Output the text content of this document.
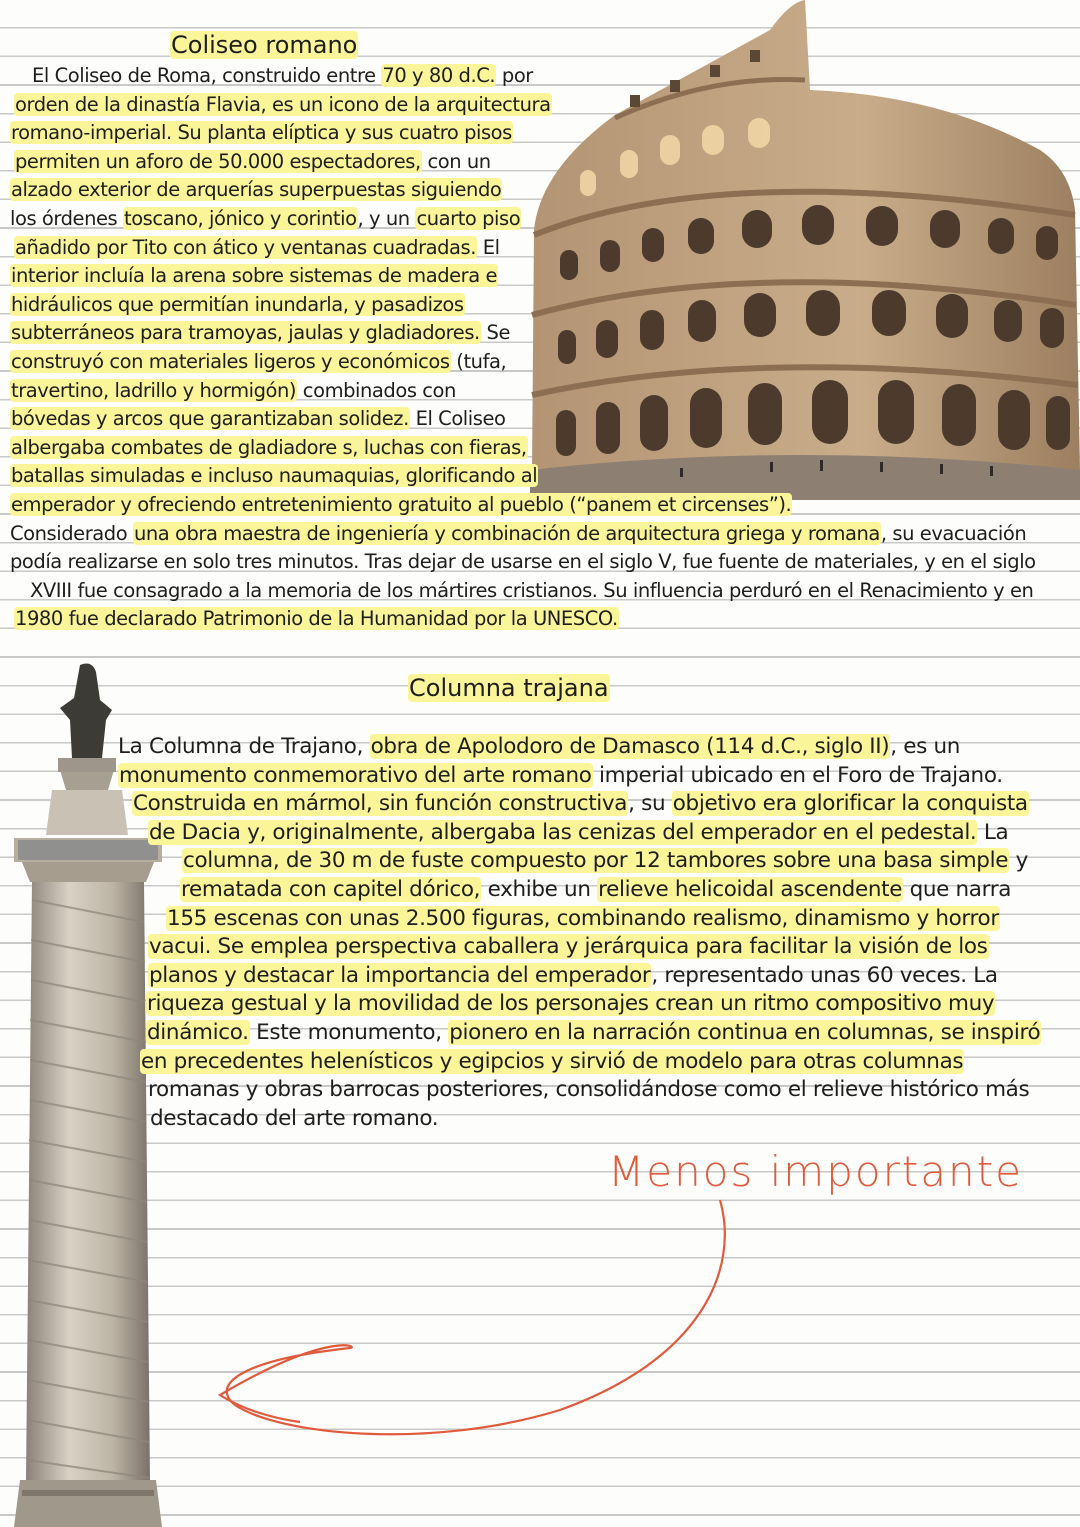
Coliseo romano
El Coliseo de Roma, construido entre 70 y 80 d.C. por
orden de la dinastía Flavia, es un icono de la arquitectura
romano-imperial. Su planta elíptica y sus cuatro pisos
permiten un aforo de 50.000 espectadores, con un
alzado exterior de arquerías superpuestas siguiendo
los órdenes toscano, jónico y corintio, y un cuarto piso
añadido por Tito con ático y ventanas cuadradas. El
interior incluía la arena sobre sistemas de madera e
hidráulicos que permitían inundarla, y pasadizos
subterráneos para tramoyas, jaulas y gladiadores. Se
construyó con materiales ligeros y económicos (tufa,
travertino, ladrillo y hormigón) combinados con
bóvedas y arcos que garantizaban solidez. El Coliseo
albergaba combates de gladiadore s, luchas con fieras,
batallas simuladas e incluso naumaquias, glorificando al
emperador y ofreciendo entretenimiento gratuito al pueblo (“panem et circenses”).
Considerado una obra maestra de ingeniería y combinación de arquitectura griega y romana, su evacuación
podía realizarse en solo tres minutos. Tras dejar de usarse en el siglo V, fue fuente de materiales, y en el siglo
XVIII fue consagrado a la memoria de los mártires cristianos. Su influencia perduró en el Renacimiento y en
1980 fue declarado Patrimonio de la Humanidad por la UNESCO.
Columna trajana
La Columna de Trajano, obra de Apolodoro de Damasco (114 d.C., siglo II), es un
monumento conmemorativo del arte romano imperial ubicado en el Foro de Trajano.
Construida en mármol, sin función constructiva, su objetivo era glorificar la conquista
de Dacia y, originalmente, albergaba las cenizas del emperador en el pedestal. La
columna, de 30 m de fuste compuesto por 12 tambores sobre una basa simple y
rematada con capitel dórico, exhibe un relieve helicoidal ascendente que narra
155 escenas con unas 2.500 figuras, combinando realismo, dinamismo y horror
vacui. Se emplea perspectiva caballera y jerárquica para facilitar la visión de los
planos y destacar la importancia del emperador, representado unas 60 veces. La
riqueza gestual y la movilidad de los personajes crean un ritmo compositivo muy
dinámico. Este monumento, pionero en la narración continua en columnas, se inspiró
en precedentes helenísticos y egipcios y sirvió de modelo para otras columnas
romanas y obras barrocas posteriores, consolidándose como el relieve histórico más
destacado del arte romano.
Menos importante
